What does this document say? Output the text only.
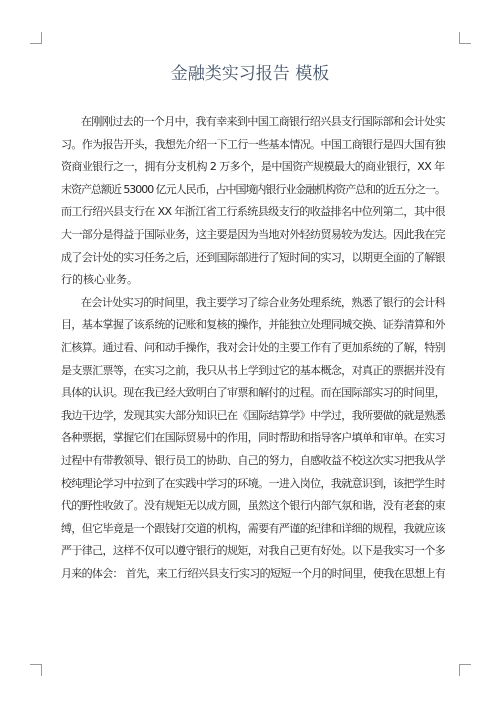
金融类实习报告 模板
在刚刚过去的一个月中，我有幸来到中国工商银行绍兴县支行国际部和会计处实
习。作为报告开头，我想先介绍一下工行一些基本情况。中国工商银行是四大国有独
资商业银行之一，拥有分支机构 2 万多个，是中国资产规模最大的商业银行，XX 年
末资产总额近 53000 亿元人民币，占中国境内银行业金融机构资产总和的近五分之一。
而工行绍兴县支行在 XX 年浙江省工行系统县级支行的收益排名中位列第二，其中很
大一部分是得益于国际业务，这主要是因为当地对外轻纺贸易较为发达。因此我在完
成了会计处的实习任务之后，还到国际部进行了短时间的实习，以期更全面的了解银
行的核心业务。
在会计处实习的时间里，我主要学习了综合业务处理系统，熟悉了银行的会计科
目，基本掌握了该系统的记账和复核的操作，并能独立处理同城交换、证券清算和外
汇核算。通过看、问和动手操作，我对会计处的主要工作有了更加系统的了解，特别
是支票汇票等，在实习之前，我只从书上学到过它的基本概念，对真正的票据并没有
具体的认识。现在我已经大致明白了审票和解付的过程。而在国际部实习的时间里，
我边干边学，发现其实大部分知识已在《国际结算学》中学过，我所要做的就是熟悉
各种票据，掌握它们在国际贸易中的作用，同时帮助和指导客户填单和审单。在实习
过程中有带教领导、银行员工的协助、自己的努力，自感收益不校这次实习把我从学
校纯理论学习中拉到了在实践中学习的环境。一进入岗位，我就意识到，该把学生时
代的野性收敛了。没有规矩无以成方圆，虽然这个银行内部气氛和谐，没有老套的束
缚，但它毕竟是一个跟钱打交道的机构，需要有严谨的纪律和详细的规程，我就应该
严于律己，这样不仅可以遵守银行的规矩，对我自己更有好处。以下是我实习一个多
月来的体会： 首先，来工行绍兴县支行实习的短短一个月的时间里，使我在思想上有
